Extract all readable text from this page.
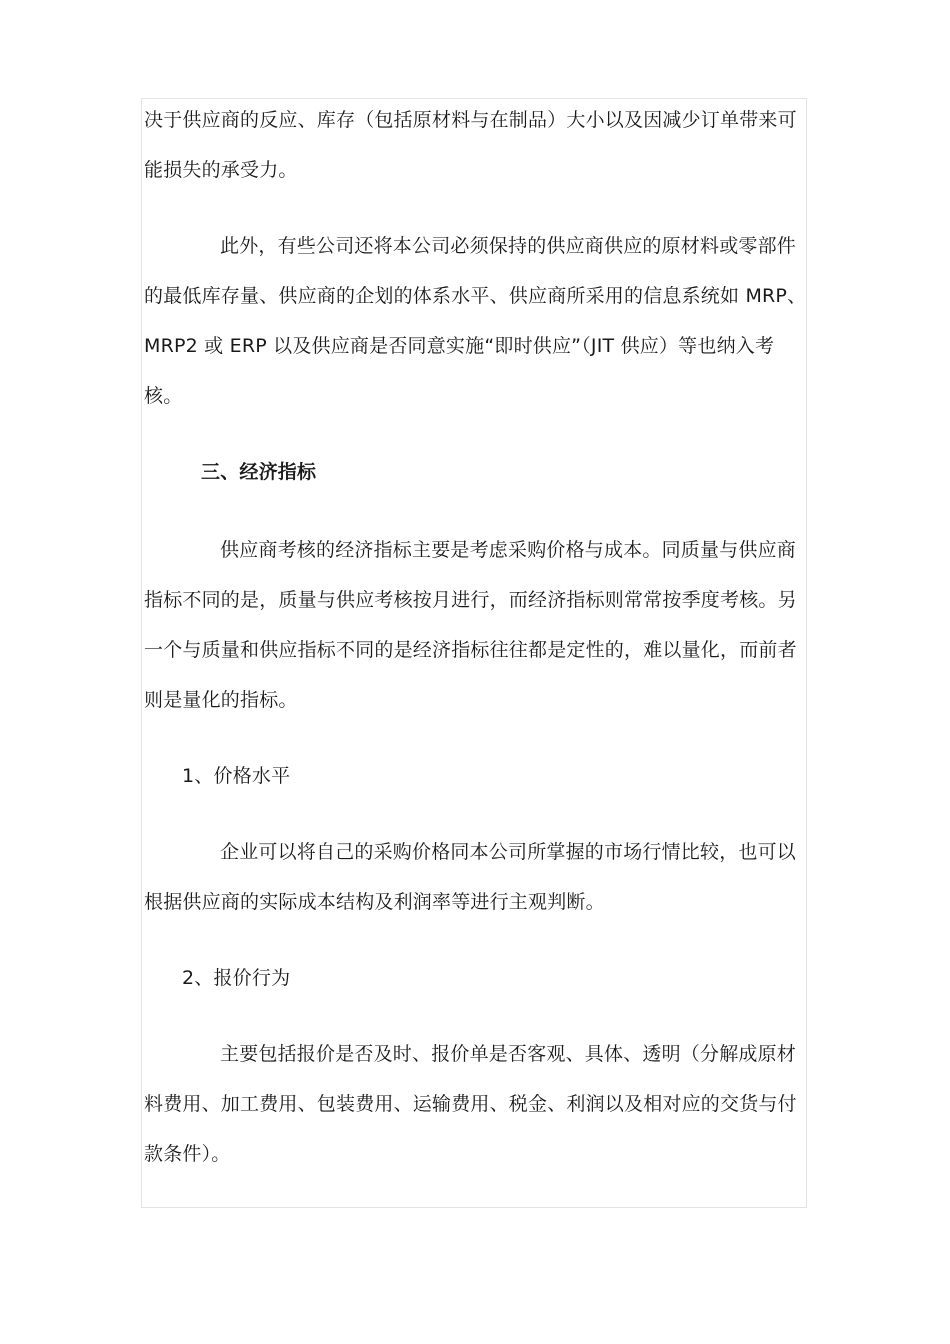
决于供应商的反应、库存（包括原材料与在制品）大小以及因减少订单带来可
能损失的承受力。
此外，有些公司还将本公司必须保持的供应商供应的原材料或零部件
的最低库存量、供应商的企划的体系水平、供应商所采用的信息系统如 MRP、
MRP2 或 ERP 以及供应商是否同意实施“即时供应”（JIT 供应）等也纳入考
核。
三、经济指标
供应商考核的经济指标主要是考虑采购价格与成本。同质量与供应商
指标不同的是，质量与供应考核按月进行，而经济指标则常常按季度考核。另
一个与质量和供应指标不同的是经济指标往往都是定性的，难以量化，而前者
则是量化的指标。
1、价格水平
企业可以将自己的采购价格同本公司所掌握的市场行情比较，也可以
根据供应商的实际成本结构及利润率等进行主观判断。
2、报价行为
主要包括报价是否及时、报价单是否客观、具体、透明（分解成原材
料费用、加工费用、包装费用、运输费用、税金、利润以及相对应的交货与付
款条件）。
